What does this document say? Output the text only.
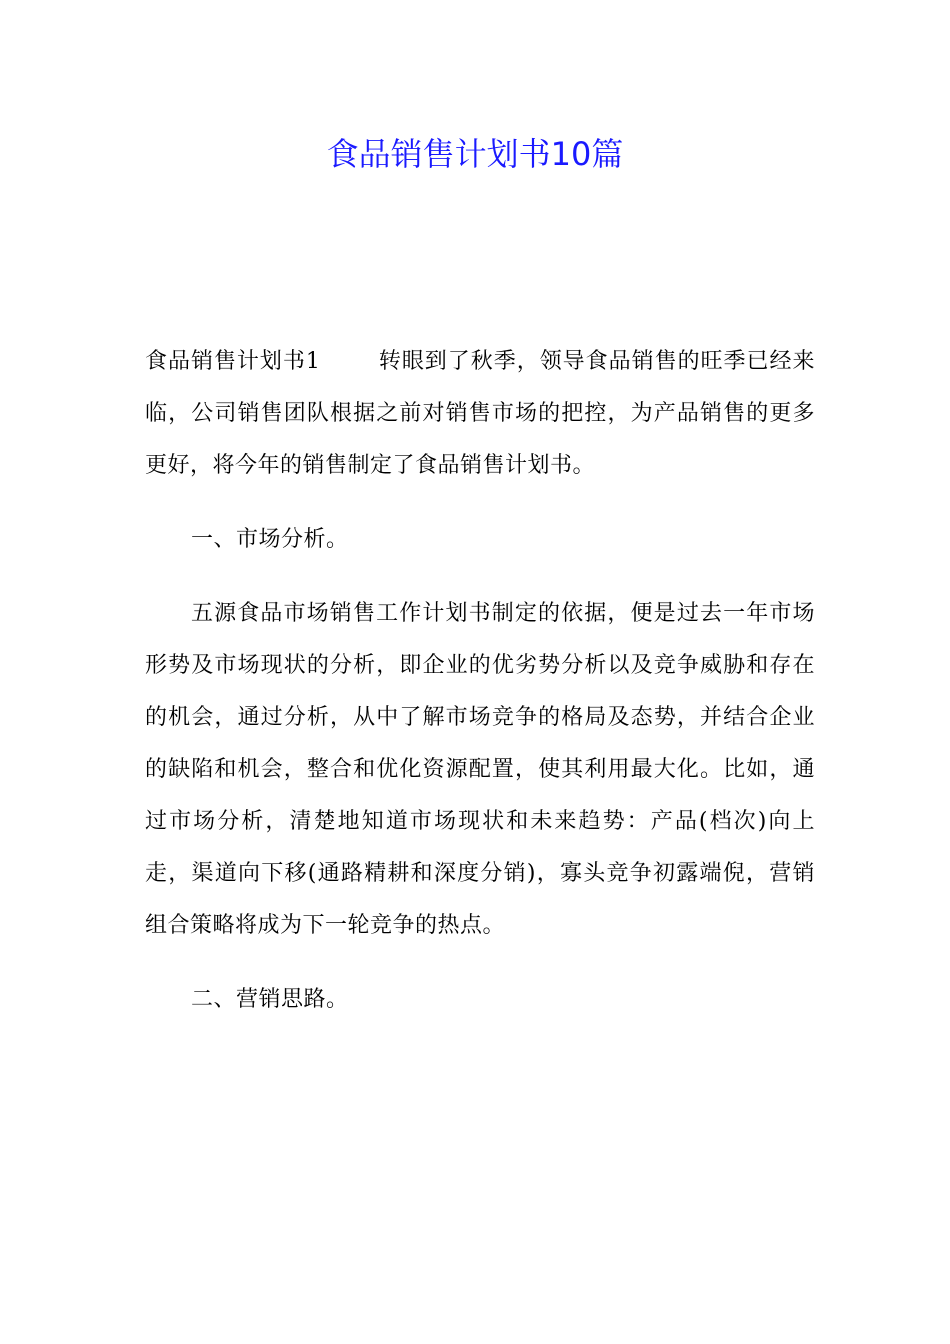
食品销售计划书10篇

食品销售计划书1	转眼到了秋季，领导食品销售的旺季已经来临，公司销售团队根据之前对销售市场的把控，为产品销售的更多更好，将今年的销售制定了食品销售计划书。

一、市场分析。

五源食品市场销售工作计划书制定的依据，便是过去一年市场形势及市场现状的分析，即企业的优劣势分析以及竞争威胁和存在的机会，通过分析，从中了解市场竞争的格局及态势，并结合企业的缺陷和机会，整合和优化资源配置，使其利用最大化。比如，通过市场分析，清楚地知道市场现状和未来趋势：产品(档次)向上走，渠道向下移(通路精耕和深度分销)，寡头竞争初露端倪，营销组合策略将成为下一轮竞争的热点。

二、营销思路。
